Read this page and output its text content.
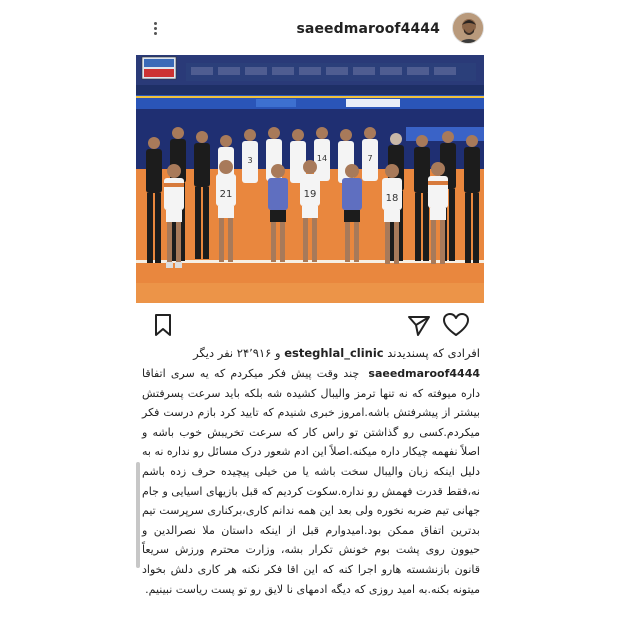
saeedmaroof4444
3	14	7
21	19	18
افرادی که پسندیدند esteghlal_clinic و ۲۴٬۹۱۶ نفر دیگر
saeedmaroof4444 چند وقت پیش فکر میکردم که یه سری اتفاقا داره میوفته که نه تنها ترمز والیبال کشیده شه بلکه باید سرعت پسرفتش بیشتر از پیشرفتش باشه.امروز خبری شنیدم که تایید کرد بازم درست فکر میکردم.کسی رو گذاشتن تو راس کار که سرعت تخریبش خوب باشه و اصلاً نفهمه چیکار داره میکنه.اصلاً این ادم شعور درک مسائل رو نداره نه به دلیل اینکه زبان والیبال سخت باشه یا من خیلی پیچیده حرف زده باشم نه،فقط قدرت فهمش رو نداره.سکوت کردیم که قبل بازیهای اسیایی و جام جهانی تیم ضربه نخوره ولی بعد این همه ندانم کاری،برکناری سرپرست تیم بدترین اتفاق ممکن بود.امیدوارم قبل از اینکه داستان ملا نصرالدین و حیوون روی پشت بوم خونش تکرار بشه، وزارت محترم ورزش سریعاً قانون بازنشسته هارو اجرا کنه که این اقا فکر نکنه هر کاری دلش بخواد میتونه بکنه.به امید روزی که دیگه ادمهای نا لایق رو تو پست ریاست نبینیم.
